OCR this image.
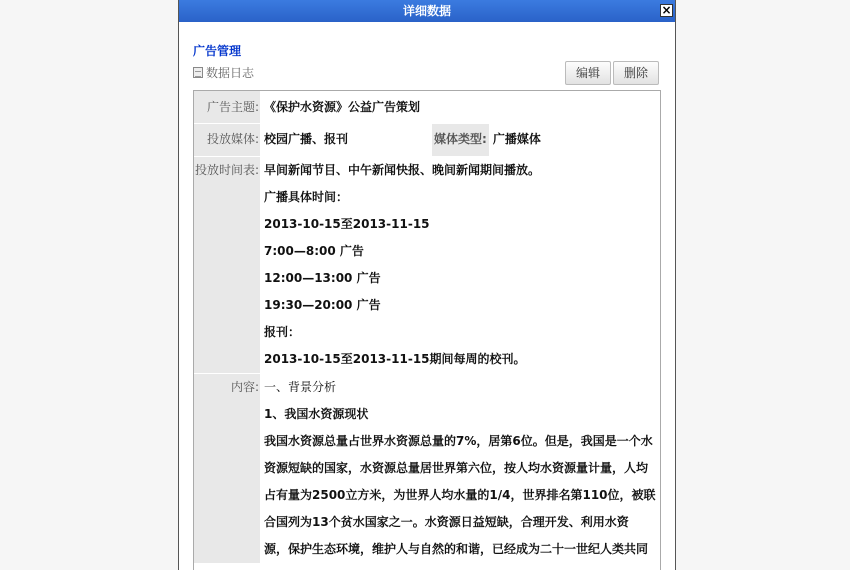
详细数据	×
广告管理
数据日志	编辑	删除
广告主题: 《保护水资源》公益广告策划
投放媒体: 校园广播、报刊	媒体类型: 广播媒体
投放时间表: 早间新闻节目、中午新闻快报、晚间新闻期间播放。
广播具体时间：
2013-10-15至2013-11-15
7:00—8:00 广告
12:00—13:00 广告
19:30—20:00 广告
报刊：
2013-10-15至2013-11-15期间每周的校刊。
内容: 一、背景分析
1、我国水资源现状
我国水资源总量占世界水资源总量的7%，居第6位。但是，我国是一个水
资源短缺的国家，水资源总量居世界第六位，按人均水资源量计量，人均
占有量为2500立方米，为世界人均水量的1/4，世界排名第110位，被联
合国列为13个贫水国家之一。水资源日益短缺，合理开发、利用水资
源，保护生态环境，维护人与自然的和谐，已经成为二十一世纪人类共同
